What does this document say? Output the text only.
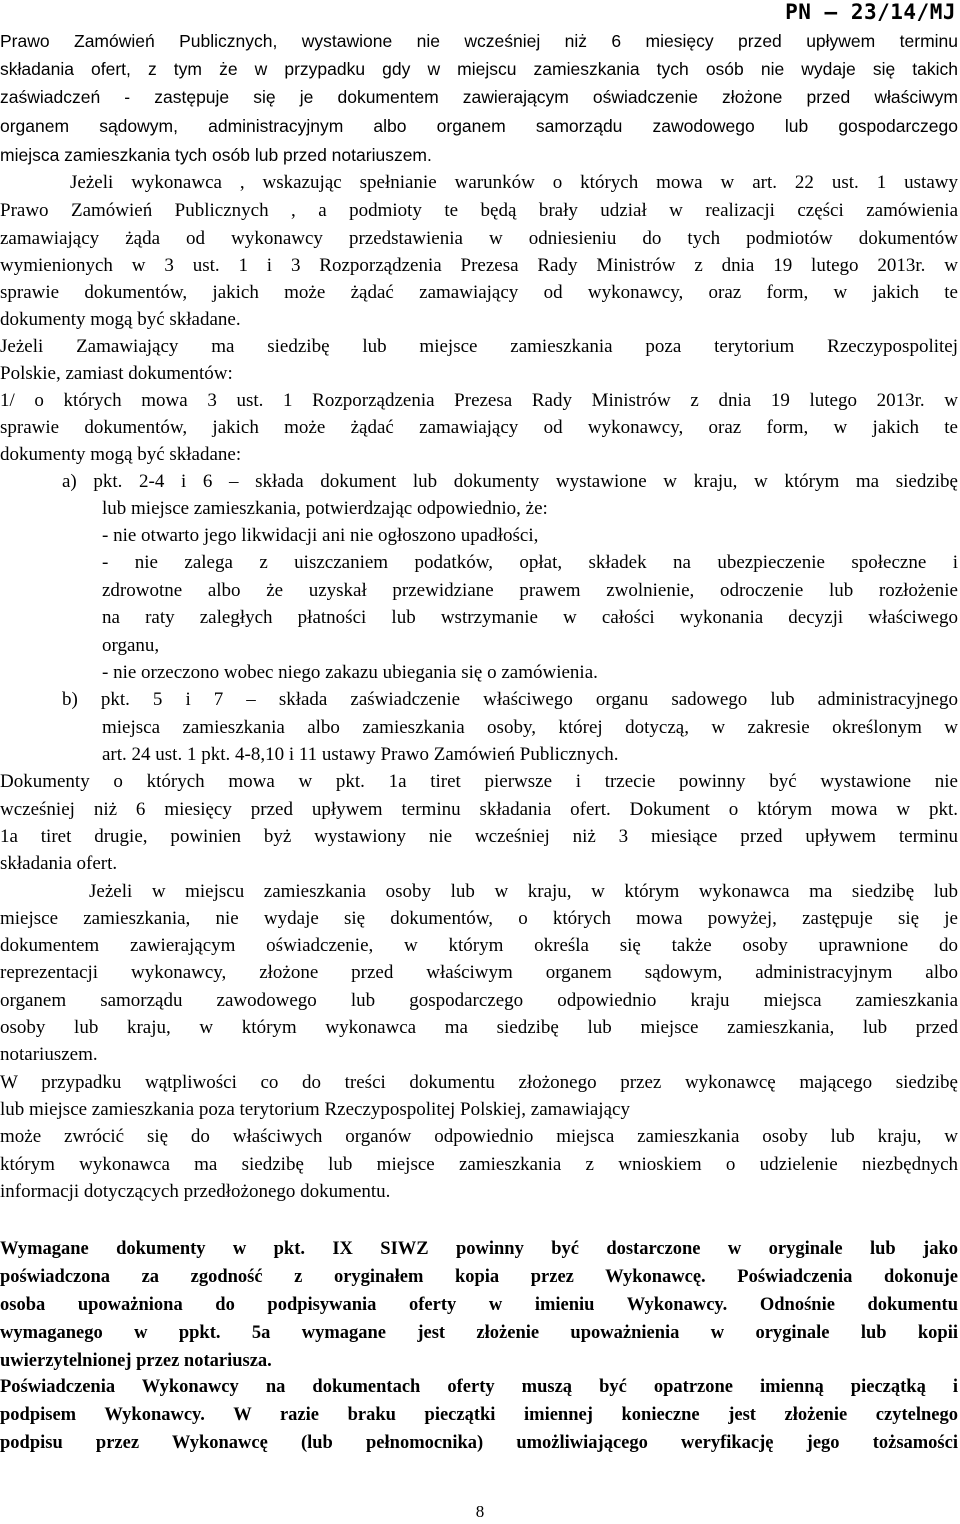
PN – 23/14/MJ
Prawo Zamówień Publicznych, wystawione nie wcześniej niż 6 miesięcy przed upływem terminu
składania ofert, z tym że w przypadku gdy w miejscu zamieszkania tych osób nie wydaje się takich
zaświadczeń - zastępuje się je dokumentem zawierającym oświadczenie złożone przed właściwym
organem sądowym, administracyjnym albo organem samorządu zawodowego lub gospodarczego
miejsca zamieszkania tych osób lub przed notariuszem.
Jeżeli wykonawca , wskazując spełnianie warunków o których mowa w art. 22 ust. 1 ustawy
Prawo Zamówień Publicznych , a podmioty te będą brały udział w realizacji części zamówienia
zamawiający żąda od wykonawcy przedstawienia w odniesieniu do tych podmiotów dokumentów
wymienionych w 3 ust. 1 i 3 Rozporządzenia Prezesa Rady Ministrów z dnia 19 lutego 2013r. w
sprawie dokumentów, jakich może żądać zamawiający od wykonawcy, oraz form, w jakich te
dokumenty mogą być składane.
Jeżeli Zamawiający ma siedzibę lub miejsce zamieszkania poza terytorium Rzeczypospolitej
Polskie, zamiast dokumentów:
1/ o których mowa 3 ust. 1 Rozporządzenia Prezesa Rady Ministrów z dnia 19 lutego 2013r. w
sprawie dokumentów, jakich może żądać zamawiający od wykonawcy, oraz form, w jakich te
dokumenty mogą być składane:
a) pkt. 2-4 i 6 – składa dokument lub dokumenty wystawione w kraju, w którym ma siedzibę
lub miejsce zamieszkania, potwierdzając odpowiednio, że:
- nie otwarto jego likwidacji ani nie ogłoszono upadłości,
- nie zalega z uiszczaniem podatków, opłat, składek na ubezpieczenie społeczne i
zdrowotne albo że uzyskał przewidziane prawem zwolnienie, odroczenie lub rozłożenie
na raty zaległych płatności lub wstrzymanie w całości wykonania decyzji właściwego
organu,
- nie orzeczono wobec niego zakazu ubiegania się o zamówienia.
b) pkt. 5 i 7 – składa zaświadczenie właściwego organu sadowego lub administracyjnego
miejsca zamieszkania albo zamieszkania osoby, której dotyczą, w zakresie określonym w
art. 24 ust. 1 pkt. 4-8,10 i 11 ustawy Prawo Zamówień Publicznych.
Dokumenty o których mowa w pkt. 1a tiret pierwsze i trzecie powinny być wystawione nie
wcześniej niż 6 miesięcy przed upływem terminu składania ofert. Dokument o którym mowa w pkt.
1a tiret drugie, powinien byż wystawiony nie wcześniej niż 3 miesiące przed upływem terminu
składania ofert.
Jeżeli w miejscu zamieszkania osoby lub w kraju, w którym wykonawca ma siedzibę lub
miejsce zamieszkania, nie wydaje się dokumentów, o których mowa powyżej, zastępuje się je
dokumentem zawierającym oświadczenie, w którym określa się także osoby uprawnione do
reprezentacji wykonawcy, złożone przed właściwym organem sądowym, administracyjnym albo
organem samorządu zawodowego lub gospodarczego odpowiednio kraju miejsca zamieszkania
osoby lub kraju, w którym wykonawca ma siedzibę lub miejsce zamieszkania, lub przed
notariuszem.
W przypadku wątpliwości co do treści dokumentu złożonego przez wykonawcę mającego siedzibę
lub miejsce zamieszkania poza terytorium Rzeczypospolitej Polskiej, zamawiający
może zwrócić się do właściwych organów odpowiednio miejsca zamieszkania osoby lub kraju, w
którym wykonawca ma siedzibę lub miejsce zamieszkania z wnioskiem o udzielenie niezbędnych
informacji dotyczących przedłożonego dokumentu.
Wymagane dokumenty w pkt. IX SIWZ powinny być dostarczone w oryginale lub jako
poświadczona za zgodność z oryginałem kopia przez Wykonawcę. Poświadczenia dokonuje
osoba upoważniona do podpisywania oferty w imieniu Wykonawcy. Odnośnie dokumentu
wymaganego w ppkt. 5a wymagane jest złożenie upoważnienia w oryginale lub kopii
uwierzytelnionej przez notariusza.
Poświadczenia Wykonawcy na dokumentach oferty muszą być opatrzone imienną pieczątką i
podpisem Wykonawcy. W razie braku pieczątki imiennej konieczne jest złożenie czytelnego
podpisu przez Wykonawcę (lub pełnomocnika) umożliwiającego weryfikację jego tożsamości
8
